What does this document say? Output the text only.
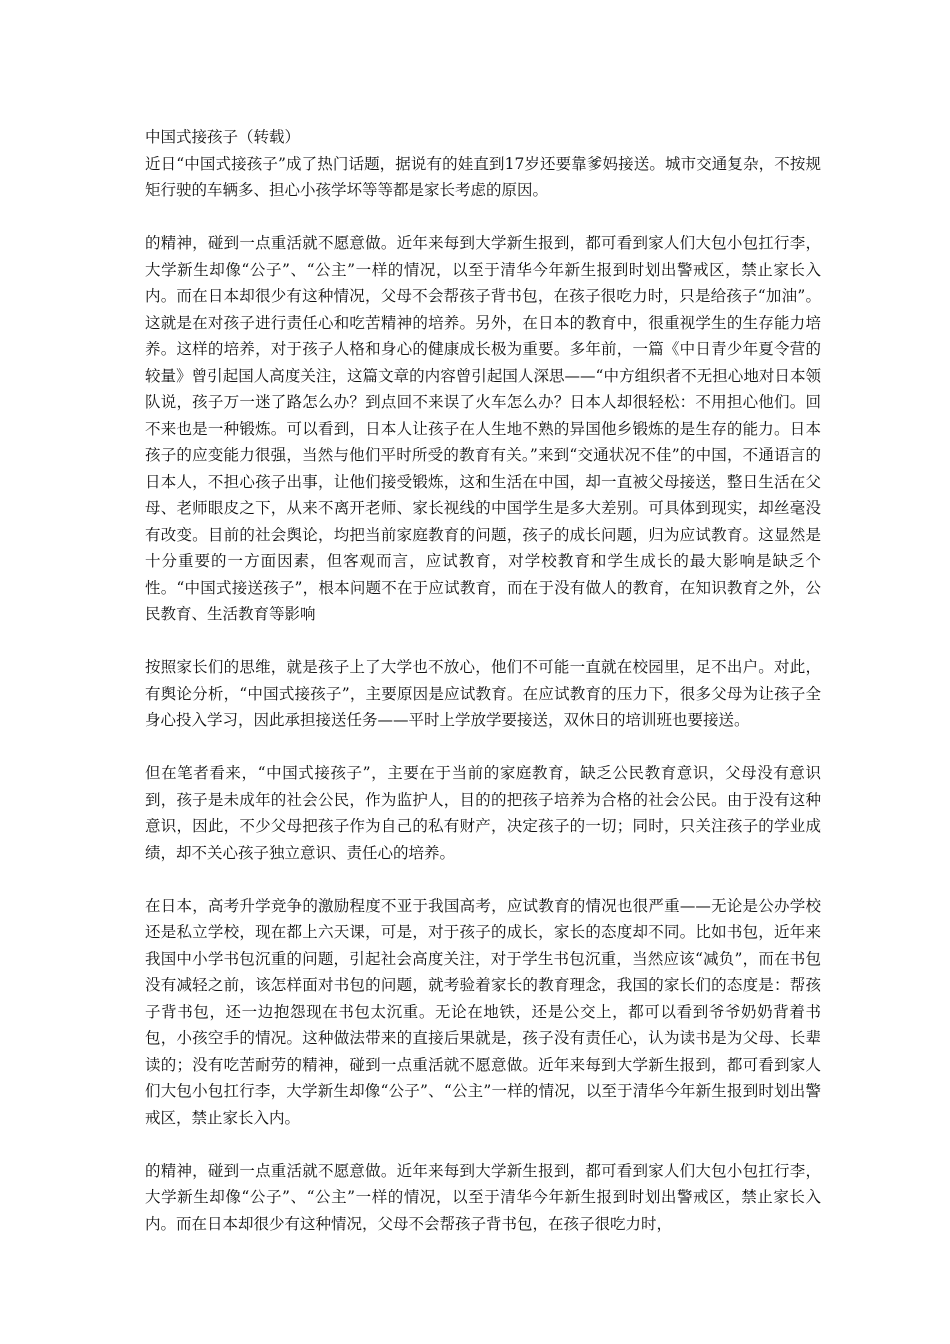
中国式接孩子（转载）

近日“中国式接孩子”成了热门话题，据说有的娃直到17岁还要靠爹妈接送。城市交通复杂，不按规矩行驶的车辆多、担心小孩学坏等等都是家长考虑的原因。

的精神，碰到一点重活就不愿意做。近年来每到大学新生报到，都可看到家人们大包小包扛行李，大学新生却像“公子”、“公主”一样的情况，以至于清华今年新生报到时划出警戒区，禁止家长入内。而在日本却很少有这种情况，父母不会帮孩子背书包，在孩子很吃力时，只是给孩子“加油”。这就是在对孩子进行责任心和吃苦精神的培养。另外，在日本的教育中，很重视学生的生存能力培养。这样的培养，对于孩子人格和身心的健康成长极为重要。多年前，一篇《中日青少年夏令营的较量》曾引起国人高度关注，这篇文章的内容曾引起国人深思——“中方组织者不无担心地对日本领队说，孩子万一迷了路怎么办？到点回不来误了火车怎么办？日本人却很轻松：不用担心他们。回不来也是一种锻炼。可以看到，日本人让孩子在人生地不熟的异国他乡锻炼的是生存的能力。日本孩子的应变能力很强，当然与他们平时所受的教育有关。”来到“交通状况不佳”的中国，不通语言的日本人，不担心孩子出事，让他们接受锻炼，这和生活在中国，却一直被父母接送，整日生活在父母、老师眼皮之下，从来不离开老师、家长视线的中国学生是多大差别。可具体到现实，却丝毫没有改变。目前的社会舆论，均把当前家庭教育的问题，孩子的成长问题，归为应试教育。这显然是十分重要的一方面因素，但客观而言，应试教育，对学校教育和学生成长的最大影响是缺乏个性。“中国式接送孩子”，根本问题不在于应试教育，而在于没有做人的教育，在知识教育之外，公民教育、生活教育等影响

按照家长们的思维，就是孩子上了大学也不放心，他们不可能一直就在校园里，足不出户。对此，有舆论分析，“中国式接孩子”，主要原因是应试教育。在应试教育的压力下，很多父母为让孩子全身心投入学习，因此承担接送任务——平时上学放学要接送，双休日的培训班也要接送。

但在笔者看来，“中国式接孩子”，主要在于当前的家庭教育，缺乏公民教育意识，父母没有意识到，孩子是未成年的社会公民，作为监护人，目的的把孩子培养为合格的社会公民。由于没有这种意识，因此，不少父母把孩子作为自己的私有财产，决定孩子的一切；同时，只关注孩子的学业成绩，却不关心孩子独立意识、责任心的培养。

在日本，高考升学竞争的激励程度不亚于我国高考，应试教育的情况也很严重——无论是公办学校还是私立学校，现在都上六天课，可是，对于孩子的成长，家长的态度却不同。比如书包，近年来我国中小学书包沉重的问题，引起社会高度关注，对于学生书包沉重，当然应该“减负”，而在书包没有减轻之前，该怎样面对书包的问题，就考验着家长的教育理念，我国的家长们的态度是：帮孩子背书包，还一边抱怨现在书包太沉重。无论在地铁，还是公交上，都可以看到爷爷奶奶背着书包，小孩空手的情况。这种做法带来的直接后果就是，孩子没有责任心，认为读书是为父母、长辈读的；没有吃苦耐劳的精神，碰到一点重活就不愿意做。近年来每到大学新生报到，都可看到家人们大包小包扛行李，大学新生却像“公子”、“公主”一样的情况，以至于清华今年新生报到时划出警戒区，禁止家长入内。

的精神，碰到一点重活就不愿意做。近年来每到大学新生报到，都可看到家人们大包小包扛行李，大学新生却像“公子”、“公主”一样的情况，以至于清华今年新生报到时划出警戒区，禁止家长入内。而在日本却很少有这种情况，父母不会帮孩子背书包，在孩子很吃力时，
